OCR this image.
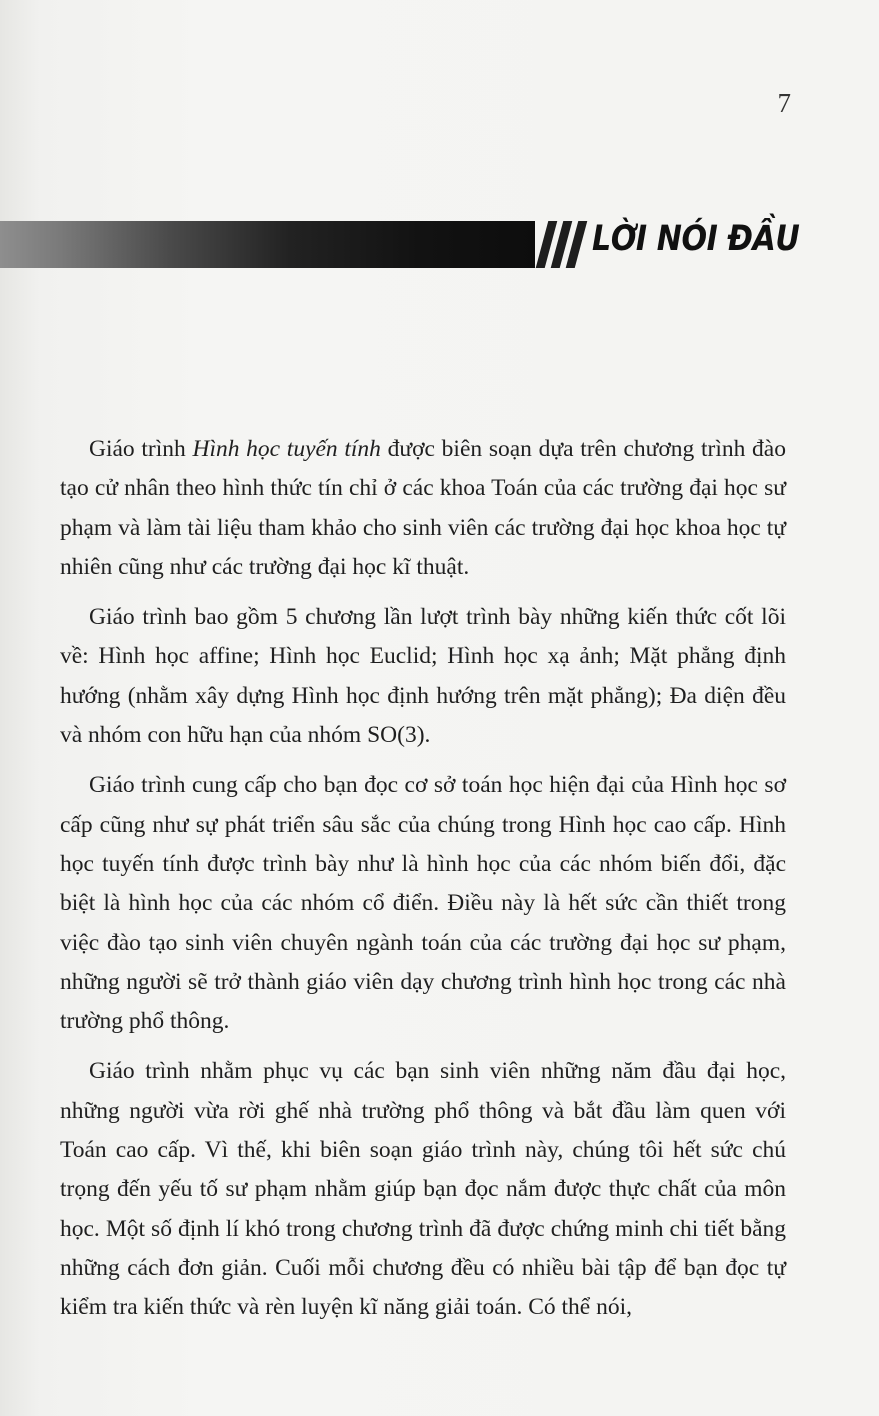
7
LỜI NÓI ĐẦU

Giáo trình Hình học tuyến tính được biên soạn dựa trên chương trình đào tạo cử nhân theo hình thức tín chỉ ở các khoa Toán của các trường đại học sư phạm và làm tài liệu tham khảo cho sinh viên các trường đại học khoa học tự nhiên cũng như các trường đại học kĩ thuật.

Giáo trình bao gồm 5 chương lần lượt trình bày những kiến thức cốt lõi về: Hình học affine; Hình học Euclid; Hình học xạ ảnh; Mặt phẳng định hướng (nhằm xây dựng Hình học định hướng trên mặt phẳng); Đa diện đều và nhóm con hữu hạn của nhóm SO(3).

Giáo trình cung cấp cho bạn đọc cơ sở toán học hiện đại của Hình học sơ cấp cũng như sự phát triển sâu sắc của chúng trong Hình học cao cấp. Hình học tuyến tính được trình bày như là hình học của các nhóm biến đổi, đặc biệt là hình học của các nhóm cổ điển. Điều này là hết sức cần thiết trong việc đào tạo sinh viên chuyên ngành toán của các trường đại học sư phạm, những người sẽ trở thành giáo viên dạy chương trình hình học trong các nhà trường phổ thông.

Giáo trình nhằm phục vụ các bạn sinh viên những năm đầu đại học, những người vừa rời ghế nhà trường phổ thông và bắt đầu làm quen với Toán cao cấp. Vì thế, khi biên soạn giáo trình này, chúng tôi hết sức chú trọng đến yếu tố sư phạm nhằm giúp bạn đọc nắm được thực chất của môn học. Một số định lí khó trong chương trình đã được chứng minh chi tiết bằng những cách đơn giản. Cuối mỗi chương đều có nhiều bài tập để bạn đọc tự kiểm tra kiến thức và rèn luyện kĩ năng giải toán. Có thể nói,
